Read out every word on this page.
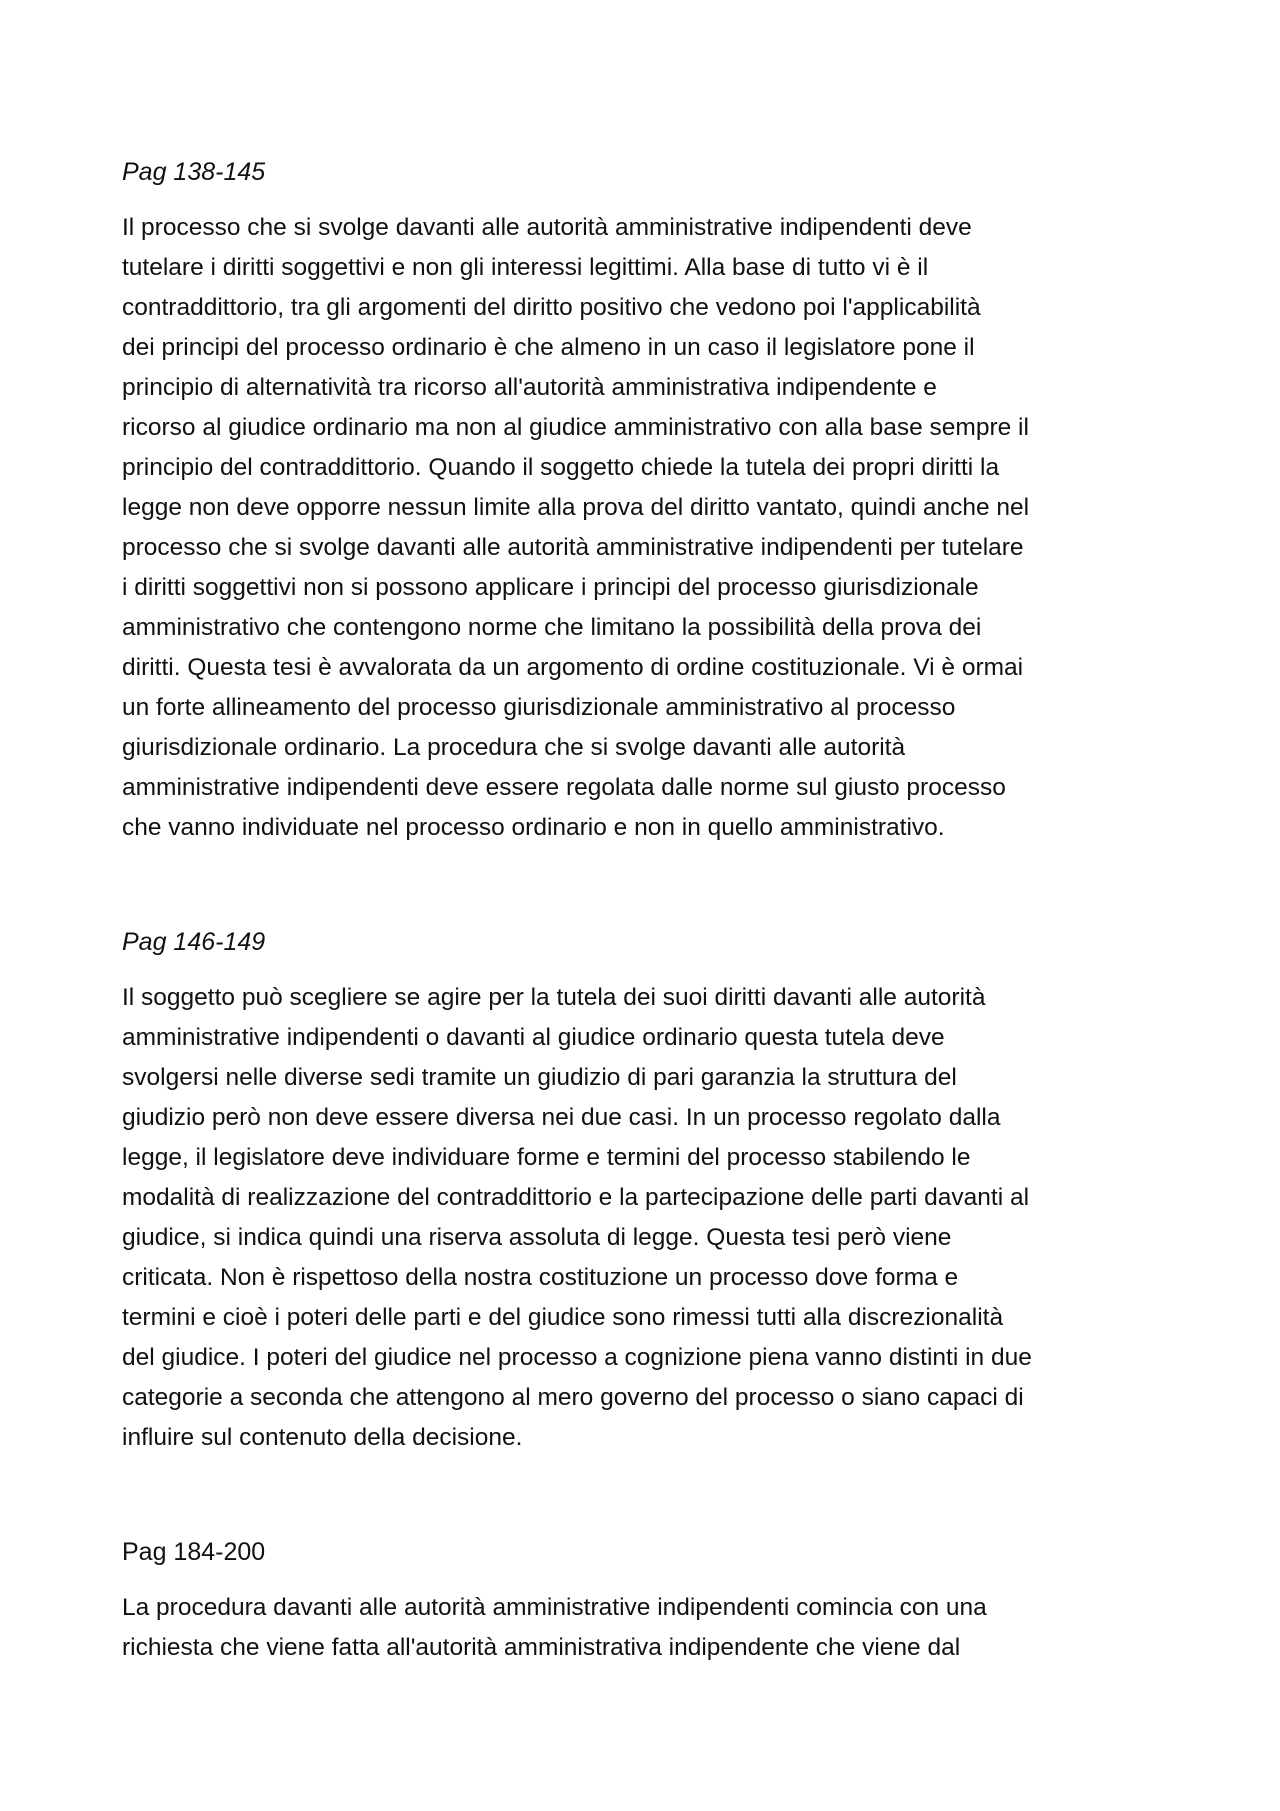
Pag 138-145

Il processo che si svolge davanti alle autorità amministrative indipendenti deve
tutelare i diritti soggettivi e non gli interessi legittimi. Alla base di tutto vi è il
contraddittorio, tra gli argomenti del diritto positivo che vedono poi l'applicabilità
dei principi del processo ordinario è che almeno in un caso il legislatore pone il
principio di alternatività tra ricorso all'autorità amministrativa indipendente e
ricorso al giudice ordinario ma non al giudice amministrativo con alla base sempre il
principio del contraddittorio. Quando il soggetto chiede la tutela dei propri diritti la
legge non deve opporre nessun limite alla prova del diritto vantato, quindi anche nel
processo che si svolge davanti alle autorità amministrative indipendenti per tutelare
i diritti soggettivi non si possono applicare i principi del processo giurisdizionale
amministrativo che contengono norme che limitano la possibilità della prova dei
diritti. Questa tesi è avvalorata da un argomento di ordine costituzionale. Vi è ormai
un forte allineamento del processo giurisdizionale amministrativo al processo
giurisdizionale ordinario. La procedura che si svolge davanti alle autorità
amministrative indipendenti deve essere regolata dalle norme sul giusto processo
che vanno individuate nel processo ordinario e non in quello amministrativo.

Pag 146-149

Il soggetto può scegliere se agire per la tutela dei suoi diritti davanti alle autorità
amministrative indipendenti o davanti al giudice ordinario questa tutela deve
svolgersi nelle diverse sedi tramite un giudizio di pari garanzia la struttura del
giudizio però non deve essere diversa nei due casi. In un processo regolato dalla
legge, il legislatore deve individuare forme e termini del processo stabilendo le
modalità di realizzazione del contraddittorio e la partecipazione delle parti davanti al
giudice, si indica quindi una riserva assoluta di legge. Questa tesi però viene
criticata. Non è rispettoso della nostra costituzione un processo dove forma e
termini e cioè i poteri delle parti e del giudice sono rimessi tutti alla discrezionalità
del giudice. I poteri del giudice nel processo a cognizione piena vanno distinti in due
categorie a seconda che attengono al mero governo del processo o siano capaci di
influire sul contenuto della decisione.

Pag 184-200

La procedura davanti alle autorità amministrative indipendenti comincia con una
richiesta che viene fatta all'autorità amministrativa indipendente che viene dal
